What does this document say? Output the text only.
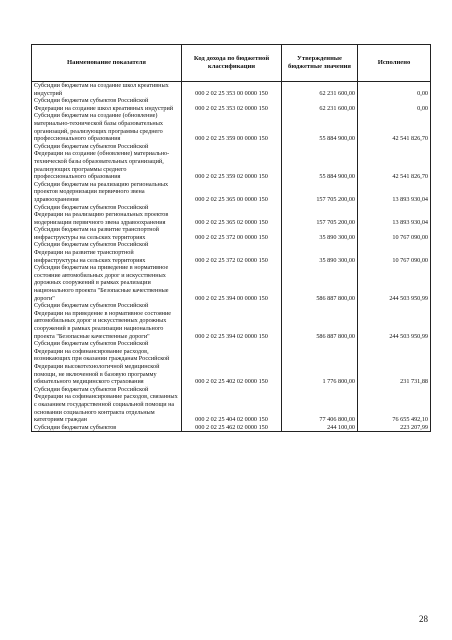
Наименование показателя	Код дохода по бюджетной классификации	Утвержденные бюджетные значения	Исполнено
Субсидии бюджетам на создание школ креативных индустрий	000 2 02 25 353 00 0000 150	62 231 600,00	0,00
Субсидии бюджетам субъектов Российской Федерации на создание школ креативных индустрий	000 2 02 25 353 02 0000 150	62 231 600,00	0,00
Субсидии бюджетам на создание (обновление) материально-технической базы образовательных организаций, реализующих программы среднего профессионального образования	000 2 02 25 359 00 0000 150	55 884 900,00	42 541 826,70
Субсидии бюджетам субъектов Российской Федерации на создание (обновление) материально-технической базы образовательных организаций, реализующих программы среднего профессионального образования	000 2 02 25 359 02 0000 150	55 884 900,00	42 541 826,70
Субсидии бюджетам на реализацию региональных проектов модернизации первичного звена здравоохранения	000 2 02 25 365 00 0000 150	157 705 200,00	13 893 930,04
Субсидии бюджетам субъектов Российской Федерации на реализацию региональных проектов модернизации первичного звена здравоохранения	000 2 02 25 365 02 0000 150	157 705 200,00	13 893 930,04
Субсидии бюджетам на развитие транспортной инфраструктуры на сельских территориях	000 2 02 25 372 00 0000 150	35 890 300,00	10 767 090,00
Субсидии бюджетам субъектов Российской Федерации на развитие транспортной инфраструктуры на сельских территориях	000 2 02 25 372 02 0000 150	35 890 300,00	10 767 090,00
Субсидии бюджетам на приведение в нормативное состояние автомобильных дорог и искусственных дорожных сооружений в рамках реализации национального проекта "Безопасные качественные дороги"	000 2 02 25 394 00 0000 150	586 887 800,00	244 503 950,99
Субсидии бюджетам субъектов Российской Федерации на приведение в нормативное состояние автомобильных дорог и искусственных дорожных сооружений в рамках реализации национального проекта "Безопасные качественные дороги"	000 2 02 25 394 02 0000 150	586 887 800,00	244 503 950,99
Субсидии бюджетам субъектов Российской Федерации на софинансирование расходов, возникающих при оказании гражданам Российской Федерации высокотехнологичной медицинской помощи, не включенной в базовую программу обязательного медицинского страхования	000 2 02 25 402 02 0000 150	1 776 800,00	231 731,88
Субсидии бюджетам субъектов Российской Федерации на софинансирование расходов, связанных с оказанием государственной социальной помощи на основании социального контракта отдельным категориям граждан	000 2 02 25 404 02 0000 150	77 406 800,00	76 655 492,10
Субсидии бюджетам субъектов	000 2 02 25 462 02 0000 150	244 100,00	223 207,99
28
